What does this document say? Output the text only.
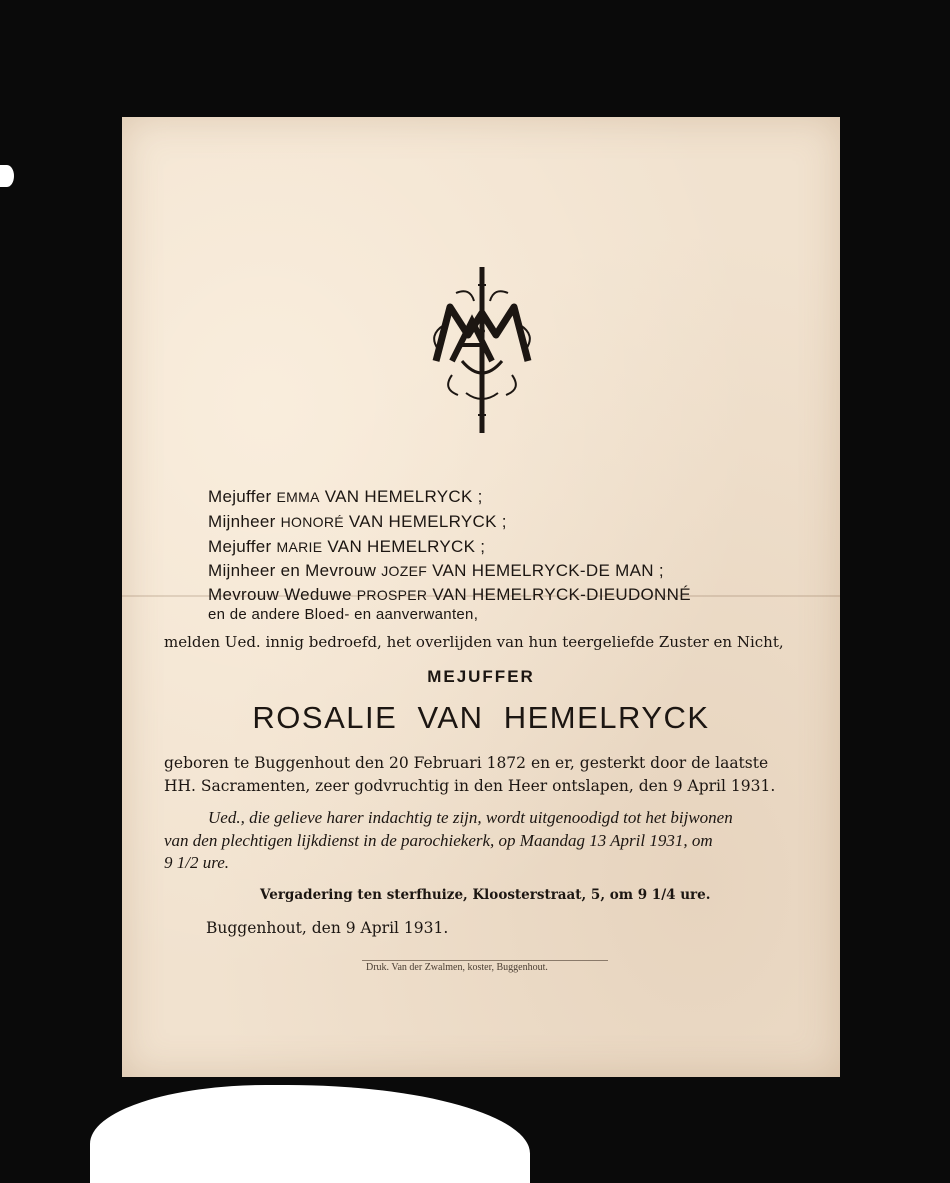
Mejuffer EMMA VAN HEMELRYCK ;
Mijnheer HONORÉ VAN HEMELRYCK ;
Mejuffer MARIE VAN HEMELRYCK ;
Mijnheer en Mevrouw JOZEF VAN HEMELRYCK-DE MAN ;
Mevrouw Weduwe PROSPER VAN HEMELRYCK-DIEUDONNÉ
en de andere Bloed- en aanverwanten,
melden Ued. innig bedroefd, het overlijden van hun teergeliefde Zuster en Nicht,
MEJUFFER
ROSALIE  VAN  HEMELRYCK
geboren te Buggenhout den 20 Februari 1872 en er, gesterkt door de laatste
HH. Sacramenten, zeer godvruchtig in den Heer ontslapen, den 9 April 1931.
Ued., die gelieve harer indachtig te zijn, wordt uitgenoodigd tot het bijwonen
van den plechtigen lijkdienst in de parochiekerk, op Maandag 13 April 1931, om
9 1/2 ure.
Vergadering ten sterfhuize, Kloosterstraat, 5, om 9 1/4 ure.
Buggenhout, den 9 April 1931.
Druk. Van der Zwalmen, koster, Buggenhout.
